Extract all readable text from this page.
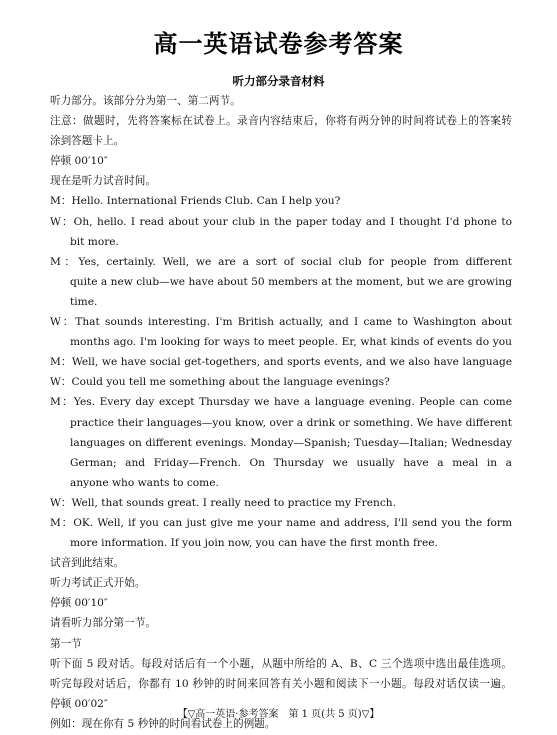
高一英语试卷参考答案
听力部分录音材料
听力部分。该部分分为第一、第二两节。
注意：做题时，先将答案标在试卷上。录音内容结束后，你将有两分钟的时间将试卷上的答案转
涂到答题卡上。
停顿 00′10″
现在是听力试音时间。
M：Hello. International Friends Club. Can I help you?
W：Oh, hello. I read about your club in the paper today and I thought I'd phone to
bit more.
M：Yes, certainly. Well, we are a sort of social club for people from different
quite a new club—we have about 50 members at the moment, but we are growing
time.
W：That sounds interesting. I'm British actually, and I came to Washington about
months ago. I'm looking for ways to meet people. Er, what kinds of events do you
M：Well, we have social get-togethers, and sports events, and we also have language
W：Could you tell me something about the language evenings?
M：Yes. Every day except Thursday we have a language evening. People can come
practice their languages—you know, over a drink or something. We have different
languages on different evenings. Monday—Spanish; Tuesday—Italian; Wednesday
German; and Friday—French. On Thursday we usually have a meal in a
anyone who wants to come.
W：Well, that sounds great. I really need to practice my French.
M：OK. Well, if you can just give me your name and address, I'll send you the form
more information. If you join now, you can have the first month free.
试音到此结束。
听力考试正式开始。
停顿 00′10″
请看听力部分第一节。
第一节
听下面 5 段对话。每段对话后有一个小题，从题中所给的 A、B、C 三个选项中选出最佳选项。
听完每段对话后，你都有 10 秒钟的时间来回答有关小题和阅读下一小题。每段对话仅读一遍。
停顿 00′02″
例如：现在你有 5 秒钟的时间看试卷上的例题。
【▽高一英语·参考答案　第 1 页(共 5 页)▽】
